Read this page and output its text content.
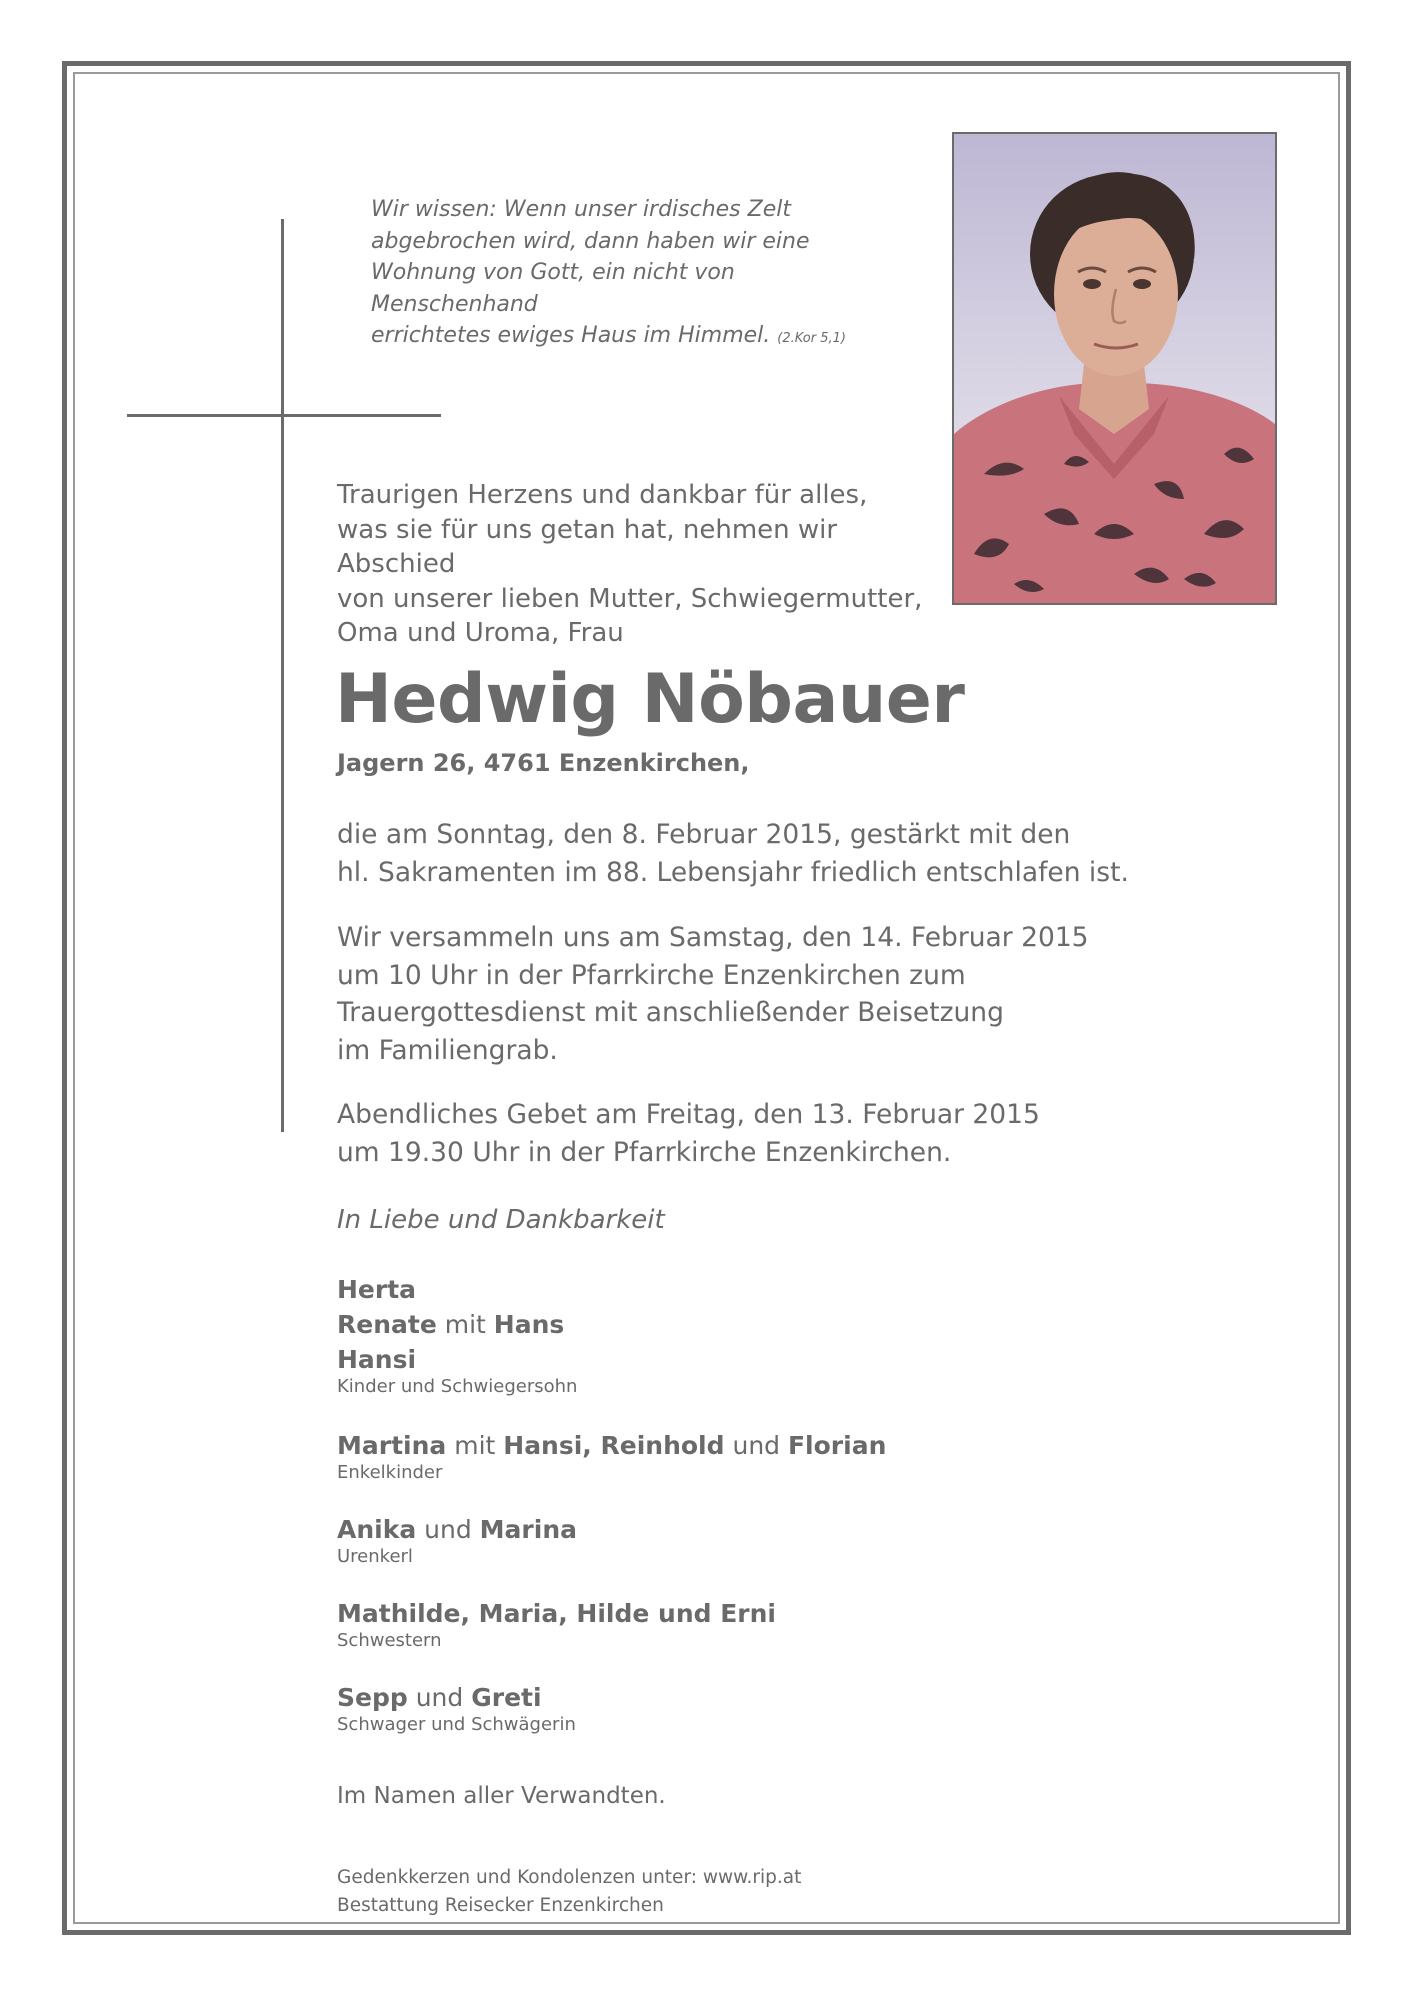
Wir wissen: Wenn unser irdisches Zelt
abgebrochen wird, dann haben wir eine
Wohnung von Gott, ein nicht von Menschenhand
errichtetes ewiges Haus im Himmel. (2.Kor 5,1)
Traurigen Herzens und dankbar für alles,
was sie für uns getan hat, nehmen wir Abschied
von unserer lieben Mutter, Schwiegermutter,
Oma und Uroma, Frau
Hedwig Nöbauer
Jagern 26, 4761 Enzenkirchen,
die am Sonntag, den 8. Februar 2015, gestärkt mit den
hl. Sakramenten im 88. Lebensjahr friedlich entschlafen ist.
Wir versammeln uns am Samstag, den 14. Februar 2015
um 10 Uhr in der Pfarrkirche Enzenkirchen zum
Trauergottesdienst mit anschließender Beisetzung
im Familiengrab.
Abendliches Gebet am Freitag, den 13. Februar 2015
um 19.30 Uhr in der Pfarrkirche Enzenkirchen.
In Liebe und Dankbarkeit
Herta
Renate mit Hans
Hansi
Kinder und Schwiegersohn
Martina mit Hansi, Reinhold und Florian
Enkelkinder
Anika und Marina
Urenkerl
Mathilde, Maria, Hilde und Erni
Schwestern
Sepp und Greti
Schwager und Schwägerin
Im Namen aller Verwandten.
Gedenkkerzen und Kondolenzen unter: www.rip.at
Bestattung Reisecker Enzenkirchen
